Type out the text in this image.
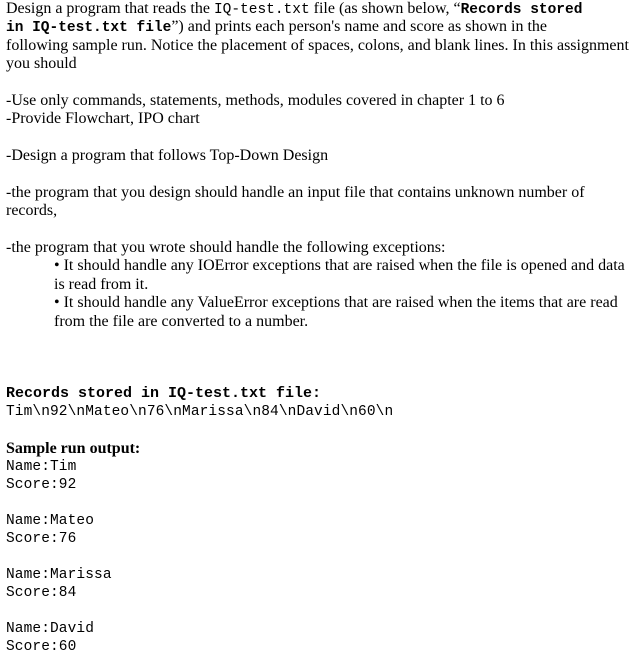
Design a program that reads the IQ-test.txt file (as shown below, “Records stored
in IQ-test.txt file”) and prints each person's name and score as shown in the
following sample run. Notice the placement of spaces, colons, and blank lines. In this assignment
you should
-Use only commands, statements, methods, modules covered in chapter 1 to 6
-Provide Flowchart, IPO chart
-Design a program that follows Top-Down Design
-the program that you design should handle an input file that contains unknown number of
records,
-the program that you wrote should handle the following exceptions:
• It should handle any IOError exceptions that are raised when the file is opened and data
is read from it.
• It should handle any ValueError exceptions that are raised when the items that are read
from the file are converted to a number.
Records stored in IQ-test.txt file:
Tim\n92\nMateo\n76\nMarissa\n84\nDavid\n60\n
Sample run output:
Name:Tim
Score:92
Name:Mateo
Score:76
Name:Marissa
Score:84
Name:David
Score:60
